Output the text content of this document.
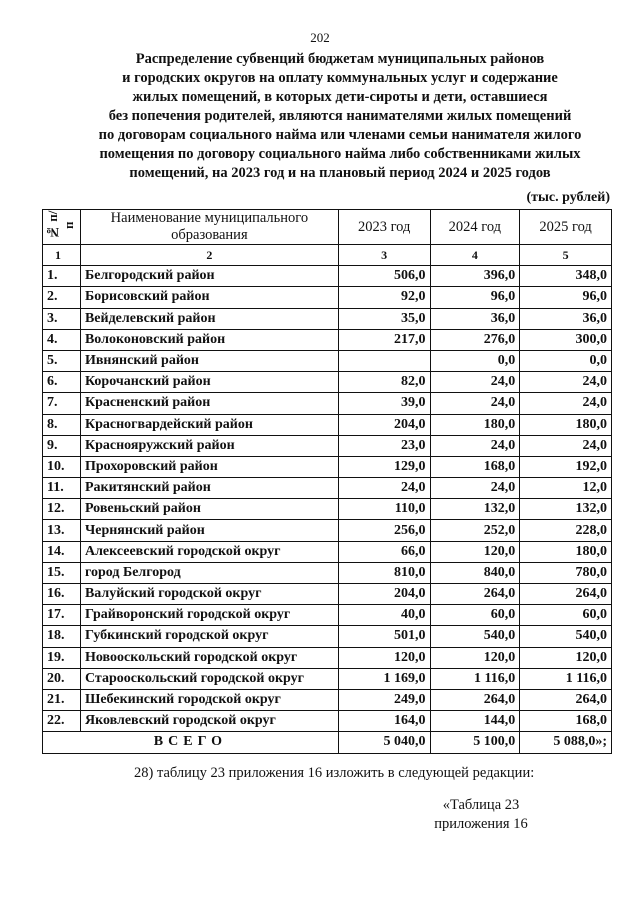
202
Распределение субвенций бюджетам муниципальных районов
и городских округов на оплату коммунальных услуг и содержание
жилых помещений, в которых дети-сироты и дети, оставшиеся
без попечения родителей, являются нанимателями жилых помещений
по договорам социального найма или членами семьи нанимателя жилого
помещения по договору социального найма либо собственниками жилых
помещений, на 2023 год и на плановый период 2024 и 2025 годов
(тыс. рублей)
№ п/п	Наименование муниципального образования	2023 год	2024 год	2025 год
1	2	3	4	5
1.	Белгородский район	506,0	396,0	348,0
2.	Борисовский район	92,0	96,0	96,0
3.	Вейделевский район	35,0	36,0	36,0
4.	Волоконовский район	217,0	276,0	300,0
5.	Ивнянский район		0,0	0,0
6.	Корочанский район	82,0	24,0	24,0
7.	Красненский район	39,0	24,0	24,0
8.	Красногвардейский район	204,0	180,0	180,0
9.	Краснояружский район	23,0	24,0	24,0
10.	Прохоровский район	129,0	168,0	192,0
11.	Ракитянский район	24,0	24,0	12,0
12.	Ровеньский район	110,0	132,0	132,0
13.	Чернянский район	256,0	252,0	228,0
14.	Алексеевский городской округ	66,0	120,0	180,0
15.	город Белгород	810,0	840,0	780,0
16.	Валуйский городской округ	204,0	264,0	264,0
17.	Грайворонский городской округ	40,0	60,0	60,0
18.	Губкинский городской округ	501,0	540,0	540,0
19.	Новооскольский городской округ	120,0	120,0	120,0
20.	Старооскольский городской округ	1 169,0	1 116,0	1 116,0
21.	Шебекинский городской округ	249,0	264,0	264,0
22.	Яковлевский городской округ	164,0	144,0	168,0
ВСЕГО		5 040,0	5 100,0	5 088,0»;
28) таблицу 23 приложения 16 изложить в следующей редакции:
«Таблица 23
приложения 16
